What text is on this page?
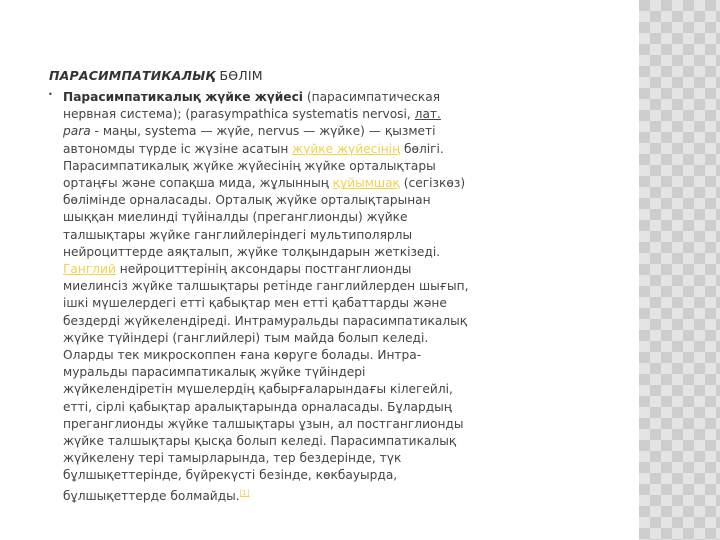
ПАРАСИМПАТИКАЛЫҚ БӨЛІМ
• Парасимпатикалық жүйке жүйесі (парасимпатическая
нервная система); (parasympathica systematis nervosi, лат.
para - маңы, systema — жүйе, nervus — жүйке) — қызметі
автономды түрде іс жүзіне асатын жүйке жүйесінің бөлігі.
Парасимпатикалық жүйке жүйесінің жүйке орталықтары
ортаңғы және сопақша мида, жұлынның құйымшақ (сегізкөз)
бөлімінде орналасады. Орталық жүйке орталықтарынан
шыққан миелинді түйіналды (преганглионды) жүйке
талшықтары жүйке ганглийлеріндегі мультиполярлы
нейроциттерде аяқталып, жүйке толқындарын жеткізеді.
Ганглий нейроциттерінің аксондары постганглионды
миелинсіз жүйке талшықтары ретінде ганглийлерден шығып,
ішкі мүшелердегі етті қабықтар мен етті қабаттарды және
бездерді жүйкелендіреді. Интрамуральды парасимпатикалық
жүйке түйіндері (ганглийлері) тым майда болып келеді.
Оларды тек микроскоппен ғана көруге болады. Интра-
муральды парасимпатикалық жүйке түйіндері
жүйкелендіретін мүшелердің қабырғаларындағы кілегейлі,
етті, сірлі қабықтар аралықтарында орналасады. Бұлардың
преганглионды жүйке талшықтары ұзын, ал постганглионды
жүйке талшықтары қысқа болып келеді. Парасимпатикалық
жүйкелену тері тамырларында, тер бездерінде, түк
бұлшықеттерінде, бүйрекүсті безінде, көкбауырда,
бұлшықеттерде болмайды.[1]
